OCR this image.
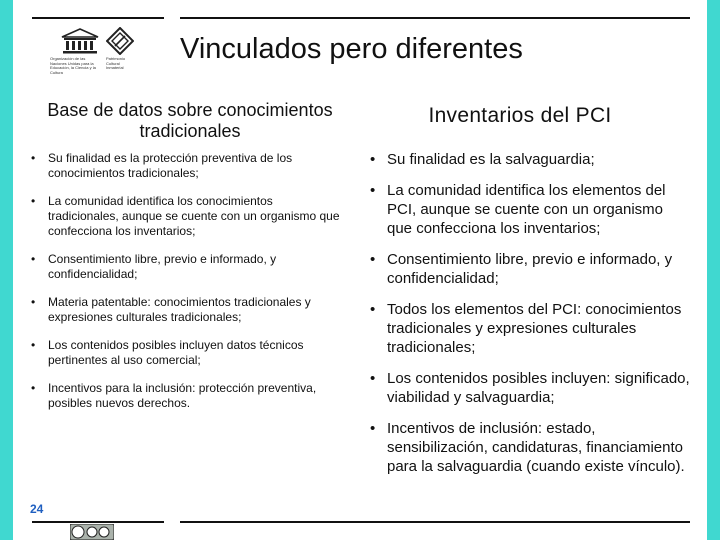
Organización de las Naciones Unidas para la Educación, la Ciencia y la Cultura
Patrimonio Cultural Inmaterial
Vinculados pero diferentes
Base de datos sobre conocimientos tradicionales
Inventarios del PCI
• Su finalidad es la protección preventiva de los conocimientos tradicionales;
• La comunidad identifica los conocimientos tradicionales, aunque se cuente con un organismo que confecciona los inventarios;
• Consentimiento libre, previo e informado, y confidencialidad;
• Materia patentable: conocimientos tradicionales y expresiones culturales tradicionales;
• Los contenidos posibles incluyen datos técnicos pertinentes al uso comercial;
• Incentivos para la inclusión: protección preventiva, posibles nuevos derechos.
• Su finalidad es la salvaguardia;
• La comunidad identifica los elementos del PCI, aunque se cuente con un organismo que confecciona los inventarios;
• Consentimiento libre, previo e informado, y confidencialidad;
• Todos los elementos del PCI: conocimientos tradicionales y expresiones culturales tradicionales;
• Los contenidos posibles incluyen: significado, viabilidad y salvaguardia;
• Incentivos de inclusión: estado, sensibilización, candidaturas, financiamiento para la salvaguardia (cuando existe vínculo).
24
